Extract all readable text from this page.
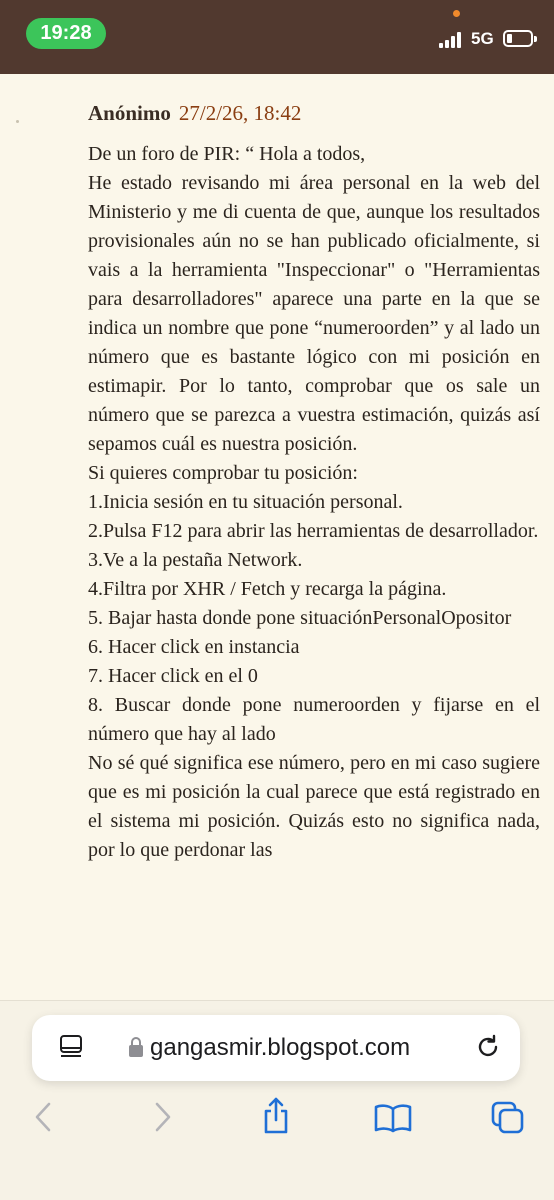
19:28	5G
Anónimo 27/2/26, 18:42

De un foro de PIR: “ Hola a todos,

He estado revisando mi área personal en la web del Ministerio y me di cuenta de que, aunque los resultados provisionales aún no se han publicado oficialmente, si vais a la herramienta "Inspeccionar" o "Herramientas para desarrolladores" aparece una parte en la que se indica un nombre que pone “numeroorden” y al lado un número que es bastante lógico con mi posición en estimapir. Por lo tanto, comprobar que os sale un número que se parezca a vuestra estimación, quizás así sepamos cuál es nuestra posición.

Si quieres comprobar tu posición:

1.Inicia sesión en tu situación personal.

2.Pulsa F12 para abrir las herramientas de desarrollador.

3.Ve a la pestaña Network.

4.Filtra por XHR / Fetch y recarga la página.

5. Bajar hasta donde pone situaciónPersonalOpositor

6. Hacer click en instancia

7. Hacer click en el 0

8. Buscar donde pone numeroorden y fijarse en el número que hay al lado

No sé qué significa ese número, pero en mi caso sugiere que es mi posición la cual parece que está registrado en el sistema mi posición. Quizás esto no significa nada, por lo que perdonar las

gangasmir.blogspot.com
